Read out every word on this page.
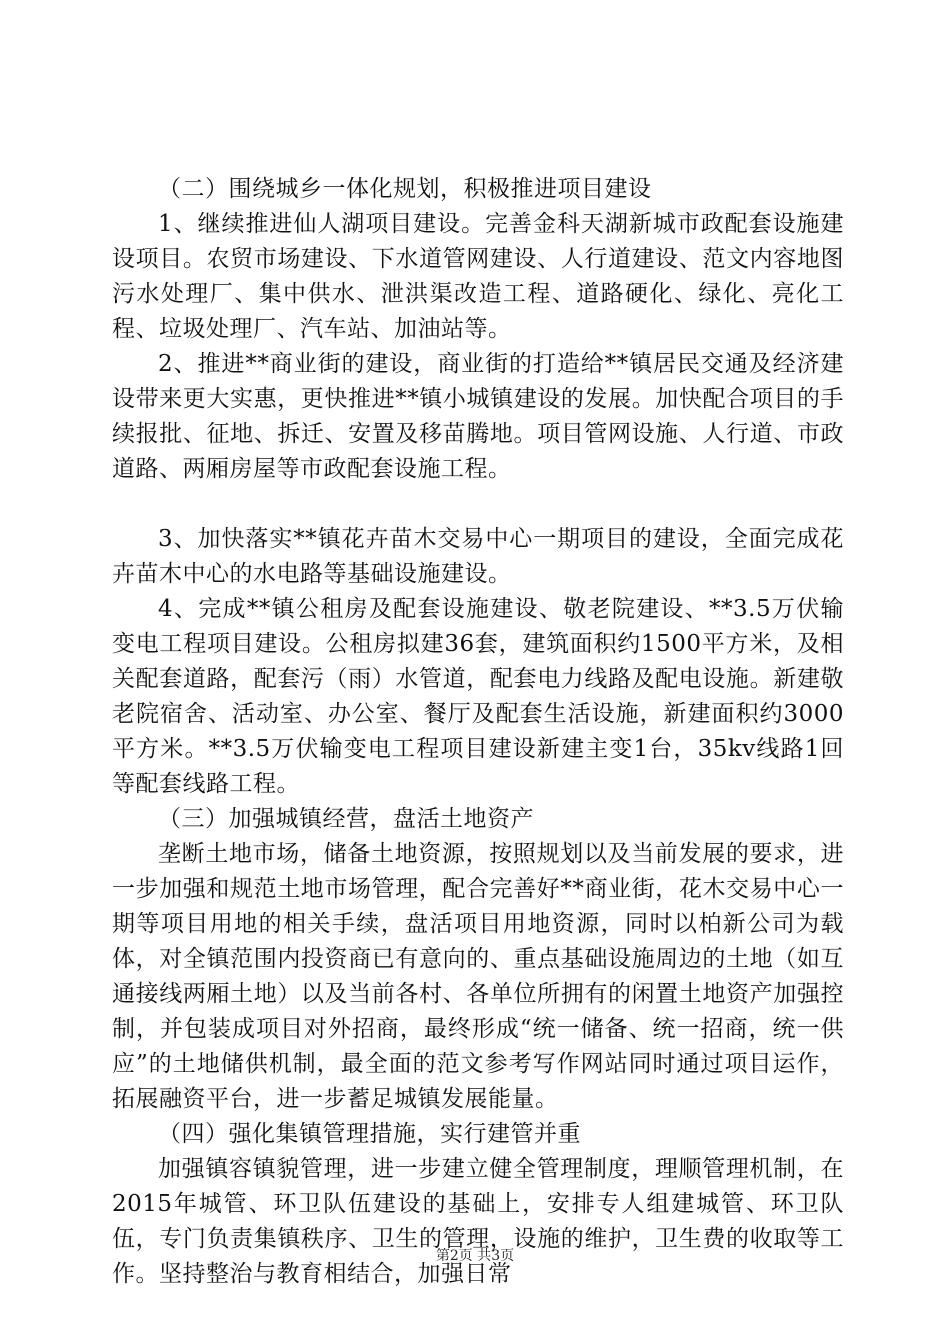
（二）围绕城乡一体化规划，积极推进项目建设

1、继续推进仙人湖项目建设。完善金科天湖新城市政配套设施建设项目。农贸市场建设、下水道管网建设、人行道建设、范文内容地图污水处理厂、集中供水、泄洪渠改造工程、道路硬化、绿化、亮化工程、垃圾处理厂、汽车站、加油站等。

2、推进**商业街的建设，商业街的打造给**镇居民交通及经济建设带来更大实惠，更快推进**镇小城镇建设的发展。加快配合项目的手续报批、征地、拆迁、安置及移苗腾地。项目管网设施、人行道、市政道路、两厢房屋等市政配套设施工程。

3、加快落实**镇花卉苗木交易中心一期项目的建设，全面完成花卉苗木中心的水电路等基础设施建设。

4、完成**镇公租房及配套设施建设、敬老院建设、**3.5万伏输变电工程项目建设。公租房拟建36套，建筑面积约1500平方米，及相关配套道路，配套污（雨）水管道，配套电力线路及配电设施。新建敬老院宿舍、活动室、办公室、餐厅及配套生活设施，新建面积约3000平方米。**3.5万伏输变电工程项目建设新建主变1台，35kv线路1回等配套线路工程。

（三）加强城镇经营，盘活土地资产

垄断土地市场，储备土地资源，按照规划以及当前发展的要求，进一步加强和规范土地市场管理，配合完善好**商业街，花木交易中心一期等项目用地的相关手续，盘活项目用地资源，同时以柏新公司为载体，对全镇范围内投资商已有意向的、重点基础设施周边的土地（如互通接线两厢土地）以及当前各村、各单位所拥有的闲置土地资产加强控制，并包装成项目对外招商，最终形成“统一储备、统一招商，统一供应”的土地储供机制，最全面的范文参考写作网站同时通过项目运作，拓展融资平台，进一步蓄足城镇发展能量。

（四）强化集镇管理措施，实行建管并重

加强镇容镇貌管理，进一步建立健全管理制度，理顺管理机制，在2015年城管、环卫队伍建设的基础上，安排专人组建城管、环卫队伍，专门负责集镇秩序、卫生的管理，设施的维护，卫生费的收取等工作。坚持整治与教育相结合，加强日常

第2页 共3页
